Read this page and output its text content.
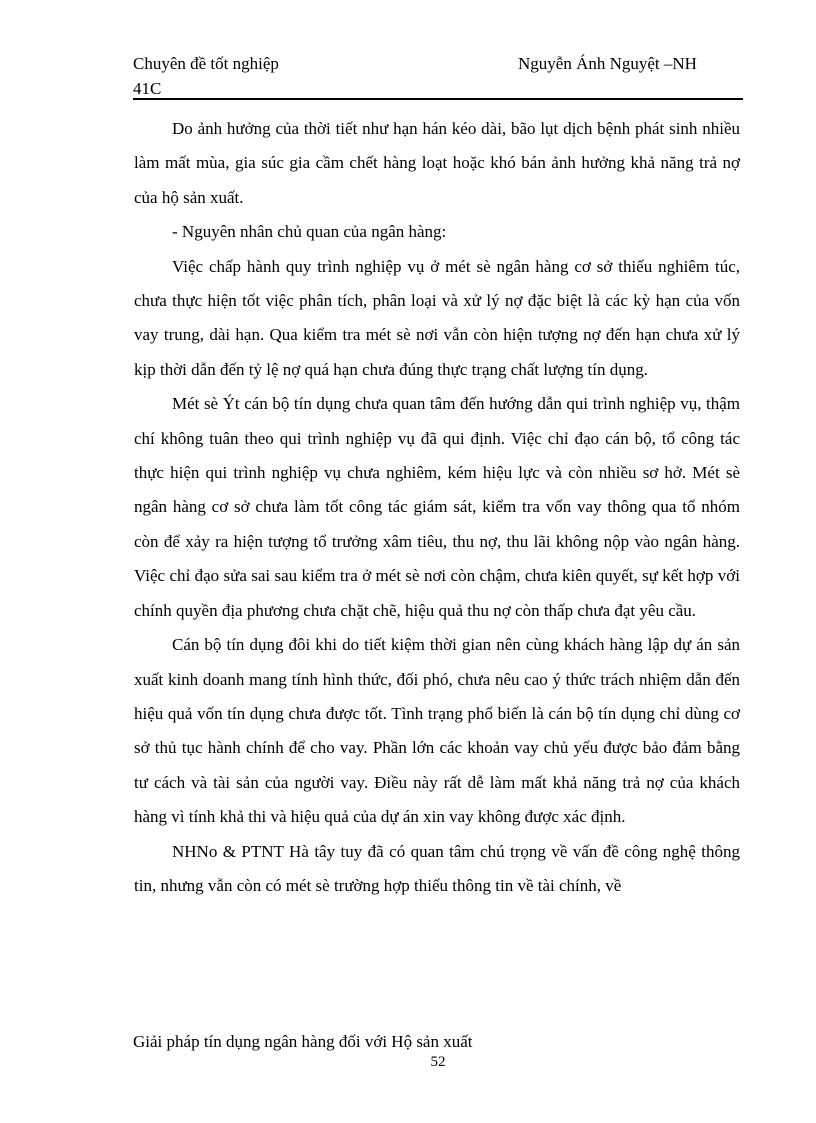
Chuyên đề tốt nghiệp
41C
Nguyễn Ánh Nguyệt –NH

Do ảnh hưởng của thời tiết như hạn hán kéo dài, bão lụt dịch bệnh phát sinh nhiều làm mất mùa, gia súc gia cầm chết hàng loạt hoặc khó bán ảnh hưởng khả năng trả nợ của hộ sản xuất.

- Nguyên nhân chủ quan của ngân hàng:

Việc chấp hành quy trình nghiệp vụ ở mét sè ngân hàng cơ sở thiếu nghiêm túc, chưa thực hiện tốt việc phân tích, phân loại và xử lý nợ đặc biệt là các kỳ hạn của vốn vay trung, dài hạn. Qua kiểm tra mét sè nơi vẫn còn hiện tượng nợ đến hạn chưa xử lý kịp thời dẫn đến tỷ lệ nợ quá hạn chưa đúng thực trạng chất lượng tín dụng.

Mét sè Ýt cán bộ tín dụng chưa quan tâm đến hướng dẫn qui trình nghiệp vụ, thậm chí không tuân theo qui trình nghiệp vụ đã qui định. Việc chỉ đạo cán bộ, tổ công tác thực hiện qui trình nghiệp vụ chưa nghiêm, kém hiệu lực và còn nhiều sơ hở. Mét sè ngân hàng cơ sở chưa làm tốt công tác giám sát, kiểm tra vốn vay thông qua tổ nhóm còn để xảy ra hiện tượng tổ trưởng xâm tiêu, thu nợ, thu lãi không nộp vào ngân hàng. Việc chỉ đạo sửa sai sau kiểm tra ở mét sè nơi còn chậm, chưa kiên quyết, sự kết hợp với chính quyền địa phương chưa chặt chẽ, hiệu quả thu nợ còn thấp chưa đạt yêu cầu.

Cán bộ tín dụng đôi khi do tiết kiệm thời gian nên cùng khách hàng lập dự án sản xuất kinh doanh mang tính hình thức, đối phó, chưa nêu cao ý thức trách nhiệm dẫn đến hiệu quả vốn tín dụng chưa được tốt. Tình trạng phổ biến là cán bộ tín dụng chỉ dùng cơ sở thủ tục hành chính để cho vay. Phần lớn các khoản vay chủ yếu được bảo đảm bằng tư cách và tài sản của người vay. Điều này rất dễ làm mất khả năng trả nợ của khách hàng vì tính khả thi và hiệu quả của dự án xin vay không được xác định.

NHNo & PTNT Hà tây tuy đã có quan tâm chú trọng về vấn đề công nghệ thông tin, nhưng vẫn còn có mét sè trường hợp thiếu thông tin về tài chính, về

Giải pháp tín dụng ngân hàng đối với Hộ sản xuất
52
